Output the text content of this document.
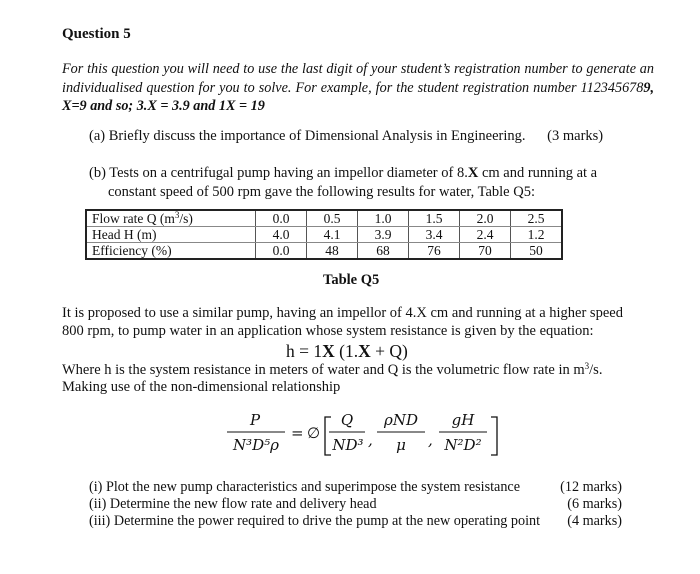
Question 5
For this question you will need to use the last digit of your student’s registration number to generate an individualised question for you to solve. For example, for the student registration number 1123456789, X=9 and so; 3.X = 3.9 and 1X = 19
(a) Briefly discuss the importance of Dimensional Analysis in Engineering. (3 marks)
(b) Tests on a centrifugal pump having an impellor diameter of 8.X cm and running at a
constant speed of 500 rpm gave the following results for water, Table Q5:
Flow rate Q $(m^3/s)$	0.0	0.5	1.0	1.5	2.0	2.5
Head H (m)	4.0	4.1	3.9	3.4	2.4	1.2
Efficiency (%)	0.0	48	68	76	70	50
Table Q5
It is proposed to use a similar pump, having an impellor of 4.X cm and running at a higher speed
800 rpm, to pump water in an application whose system resistance is given by the equation:
h = 1X (1.X + Q)
Where h is the system resistance in meters of water and Q is the volumetric flow rate in $m^3/s$.
Making use of the non-dimensional relationship
P
N³D⁵ρ
= ∅
Q
ND³ ,
ρND
μ ,
gH
N²D²
(i) Plot the new pump characteristics and superimpose the system resistance	(12 marks)
(ii) Determine the new flow rate and delivery head	(6 marks)
(iii) Determine the power required to drive the pump at the new operating point (4 marks)
